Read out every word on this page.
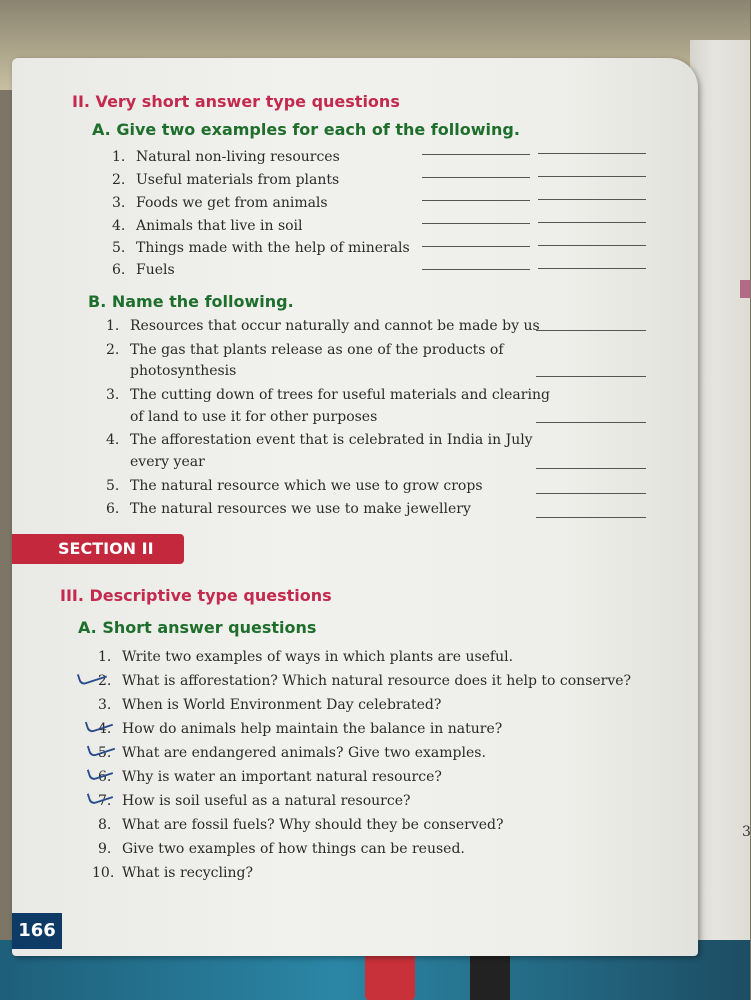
3
II. Very short answer type questions
A. Give two examples for each of the following.
1. Natural non-living resources
2. Useful materials from plants
3. Foods we get from animals
4. Animals that live in soil
5. Things made with the help of minerals
6. Fuels
B. Name the following.
1. Resources that occur naturally and cannot be made by us
2. The gas that plants release as one of the products of
photosynthesis
3. The cutting down of trees for useful materials and clearing
of land to use it for other purposes
4. The afforestation event that is celebrated in India in July
every year
5. The natural resource which we use to grow crops
6. The natural resources we use to make jewellery
SECTION II
III. Descriptive type questions
A. Short answer questions
1. Write two examples of ways in which plants are useful.
2. What is afforestation? Which natural resource does it help to conserve?
3. When is World Environment Day celebrated?
4. How do animals help maintain the balance in nature?
5. What are endangered animals? Give two examples.
6. Why is water an important natural resource?
7. How is soil useful as a natural resource?
8. What are fossil fuels? Why should they be conserved?
9. Give two examples of how things can be reused.
10. What is recycling?
166
